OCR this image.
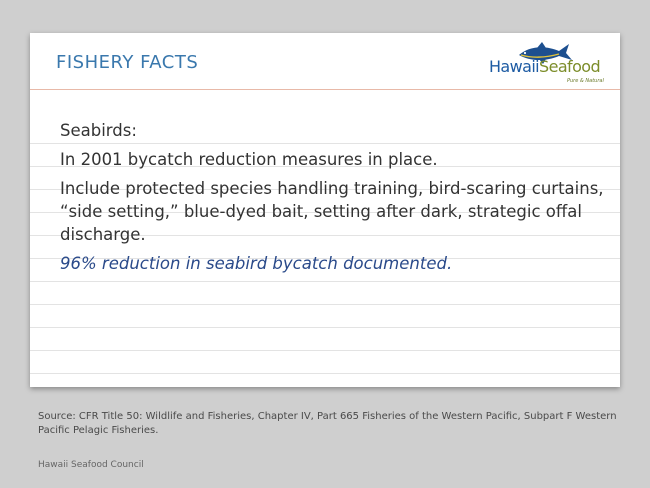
FISHERY FACTS	HawaiiSeafood
Pure & Natural

Seabirds:

In 2001 bycatch reduction measures in place.

Include protected species handling training, bird-scaring curtains, “side setting,” blue-dyed bait, setting after dark, strategic offal discharge.

96% reduction in seabird bycatch documented.

Source: CFR Title 50: Wildlife and Fisheries, Chapter IV, Part 665 Fisheries of the Western Pacific, Subpart F Western Pacific Pelagic Fisheries.
Hawaii Seafood Council
